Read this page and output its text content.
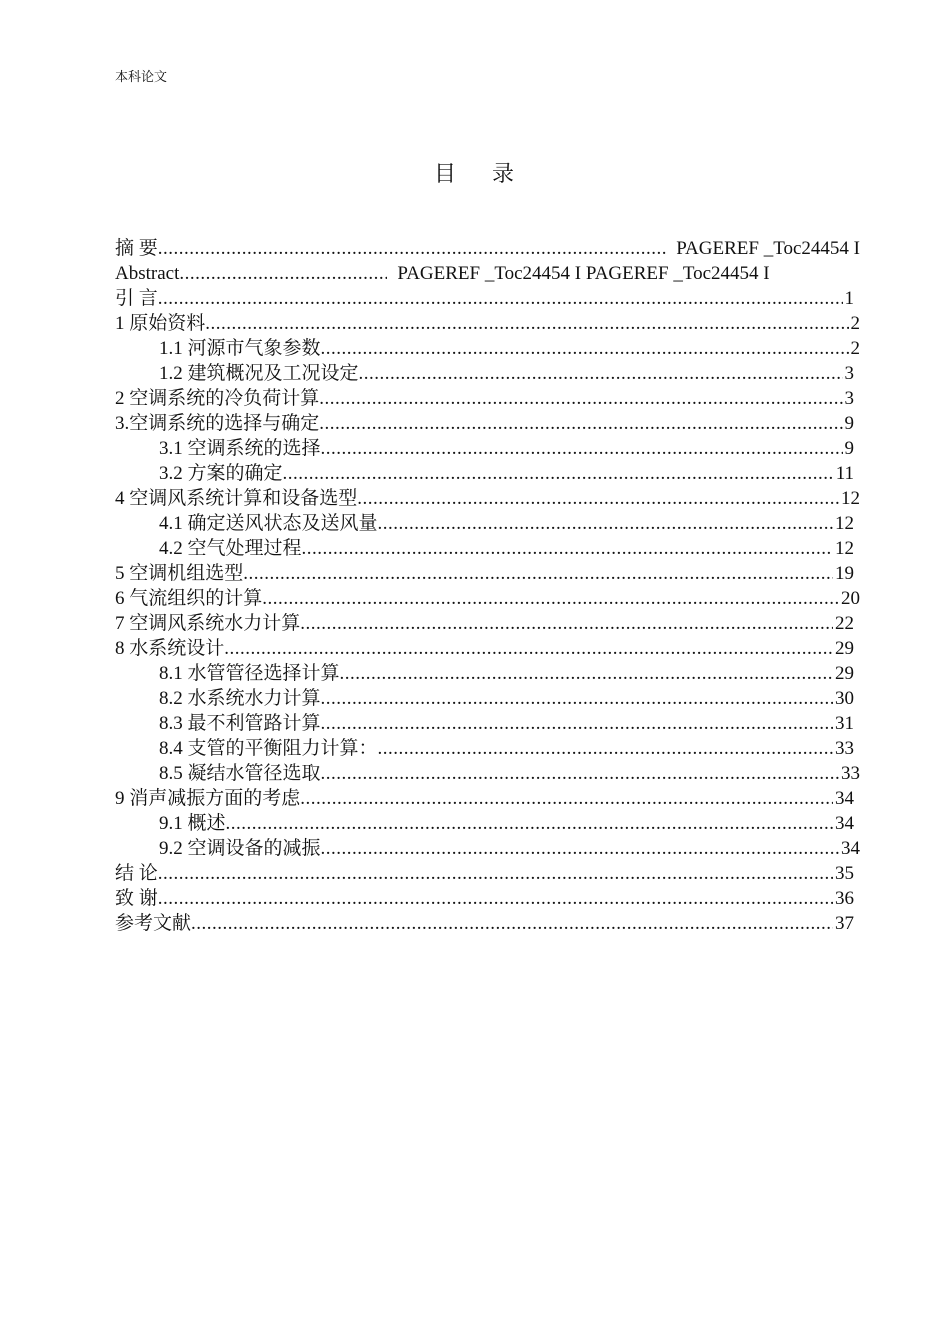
本科论文
目 录
摘 要 .....	PAGEREF _Toc24454 I
Abstract .....	PAGEREF _Toc24454 I PAGEREF _Toc24454 I
引 言 .....	1
1 原始资料 .....	2
1.1 河源市气象参数 .....	2
1.2 建筑概况及工况设定 .....	3
2 空调系统的冷负荷计算 .....	3
3.空调系统的选择与确定 .....	9
3.1 空调系统的选择 .....	9
3.2 方案的确定 .....	11
4 空调风系统计算和设备选型 .....	12
4.1 确定送风状态及送风量 .....	12
4.2 空气处理过程 .....	12
5 空调机组选型 .....	19
6 气流组织的计算 .....	20
7 空调风系统水力计算 .....	22
8 水系统设计 .....	29
8.1 水管管径选择计算 .....	29
8.2 水系统水力计算 .....	30
8.3 最不利管路计算 .....	31
8.4 支管的平衡阻力计算： .....	33
8.5 凝结水管径选取 .....	33
9 消声减振方面的考虑 .....	34
9.1 概述 .....	34
9.2 空调设备的减振 .....	34
结 论 .....	35
致 谢 .....	36
参考文献 .....	37
